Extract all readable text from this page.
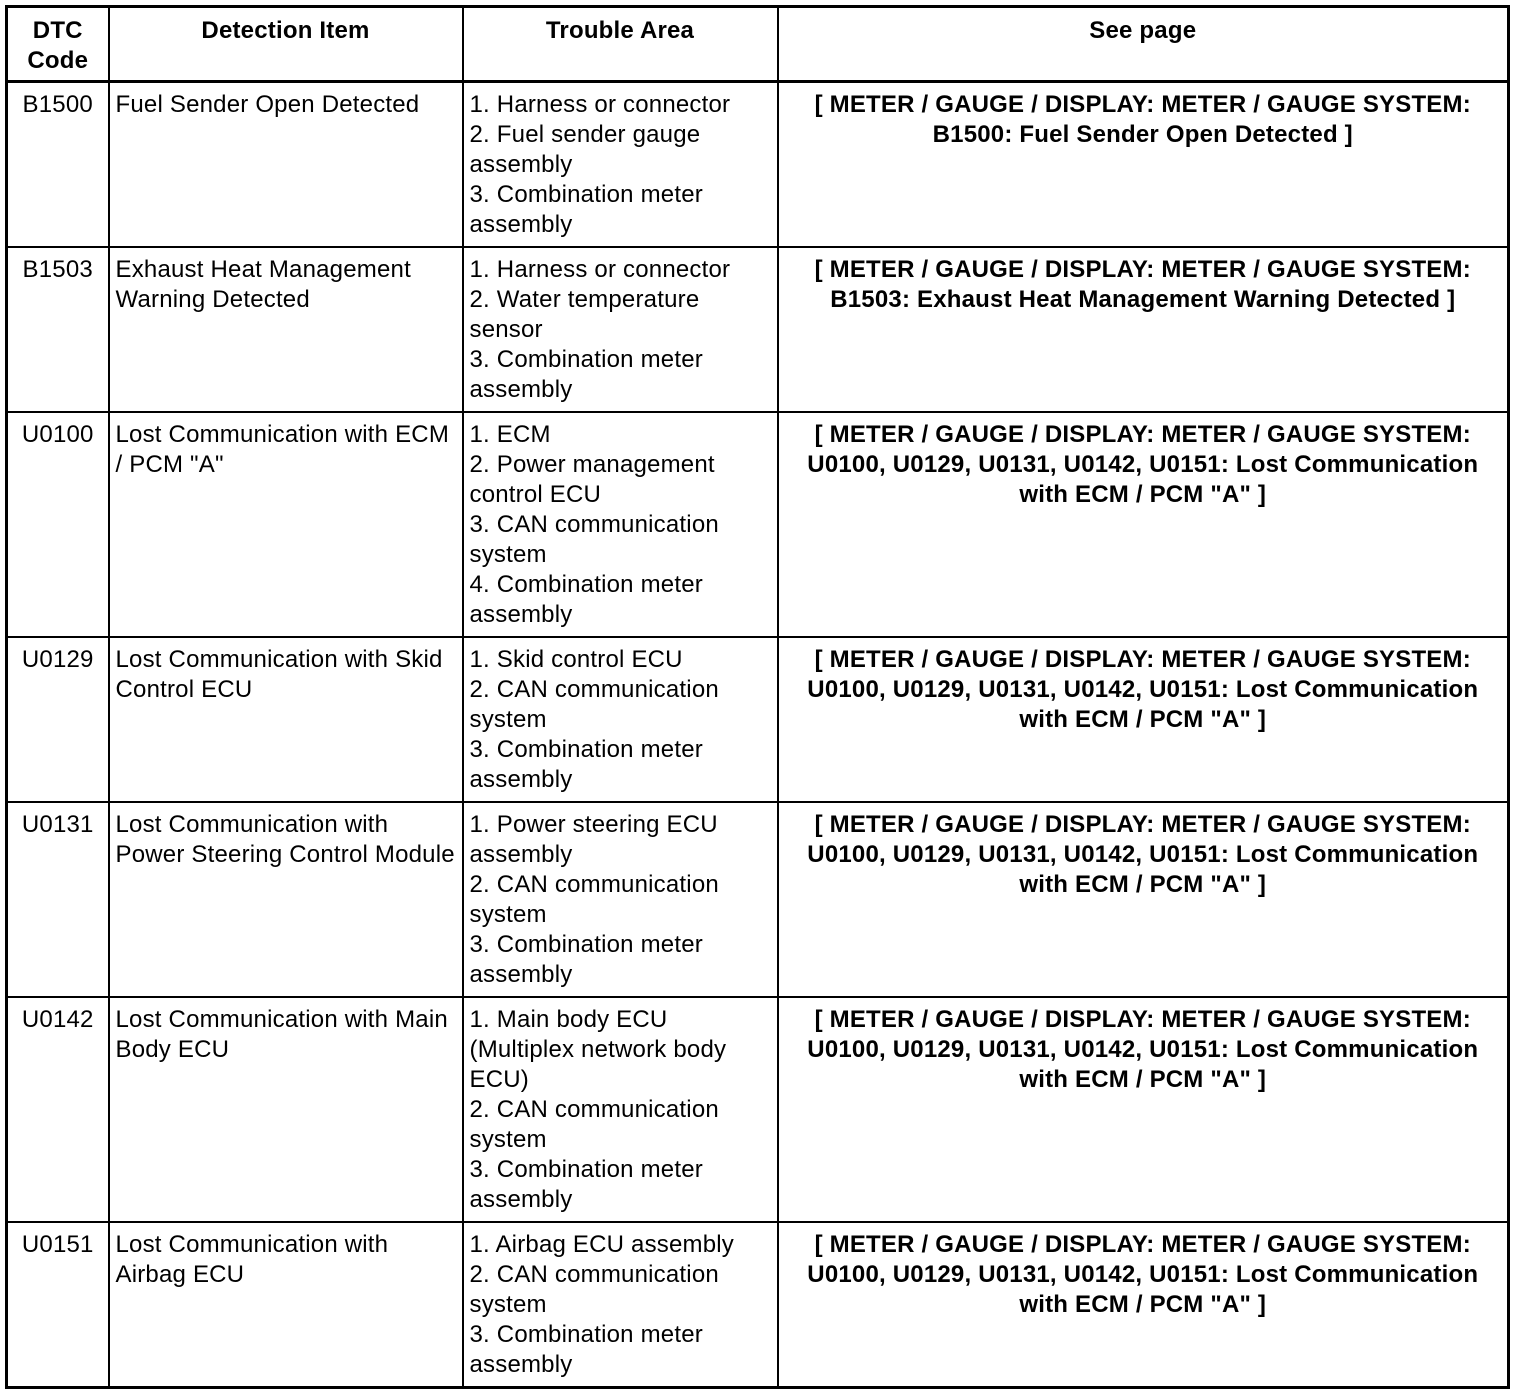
DTC Code	Detection Item	Trouble Area	See page
B1500	Fuel Sender Open Detected	1. Harness or connector
2. Fuel sender gauge assembly
3. Combination meter assembly	[ METER / GAUGE / DISPLAY: METER / GAUGE SYSTEM: B1500: Fuel Sender Open Detected ]
B1503	Exhaust Heat Management Warning Detected	1. Harness or connector
2. Water temperature sensor
3. Combination meter assembly	[ METER / GAUGE / DISPLAY: METER / GAUGE SYSTEM: B1503: Exhaust Heat Management Warning Detected ]
U0100	Lost Communication with ECM / PCM "A"	1. ECM
2. Power management control ECU
3. CAN communication system
4. Combination meter assembly	[ METER / GAUGE / DISPLAY: METER / GAUGE SYSTEM: U0100, U0129, U0131, U0142, U0151: Lost Communication with ECM / PCM "A" ]
U0129	Lost Communication with Skid Control ECU	1. Skid control ECU
2. CAN communication system
3. Combination meter assembly	[ METER / GAUGE / DISPLAY: METER / GAUGE SYSTEM: U0100, U0129, U0131, U0142, U0151: Lost Communication with ECM / PCM "A" ]
U0131	Lost Communication with Power Steering Control Module	1. Power steering ECU assembly
2. CAN communication system
3. Combination meter assembly	[ METER / GAUGE / DISPLAY: METER / GAUGE SYSTEM: U0100, U0129, U0131, U0142, U0151: Lost Communication with ECM / PCM "A" ]
U0142	Lost Communication with Main Body ECU	1. Main body ECU (Multiplex network body ECU)
2. CAN communication system
3. Combination meter assembly	[ METER / GAUGE / DISPLAY: METER / GAUGE SYSTEM: U0100, U0129, U0131, U0142, U0151: Lost Communication with ECM / PCM "A" ]
U0151	Lost Communication with Airbag ECU	1. Airbag ECU assembly
2. CAN communication system
3. Combination meter assembly	[ METER / GAUGE / DISPLAY: METER / GAUGE SYSTEM: U0100, U0129, U0131, U0142, U0151: Lost Communication with ECM / PCM "A" ]
